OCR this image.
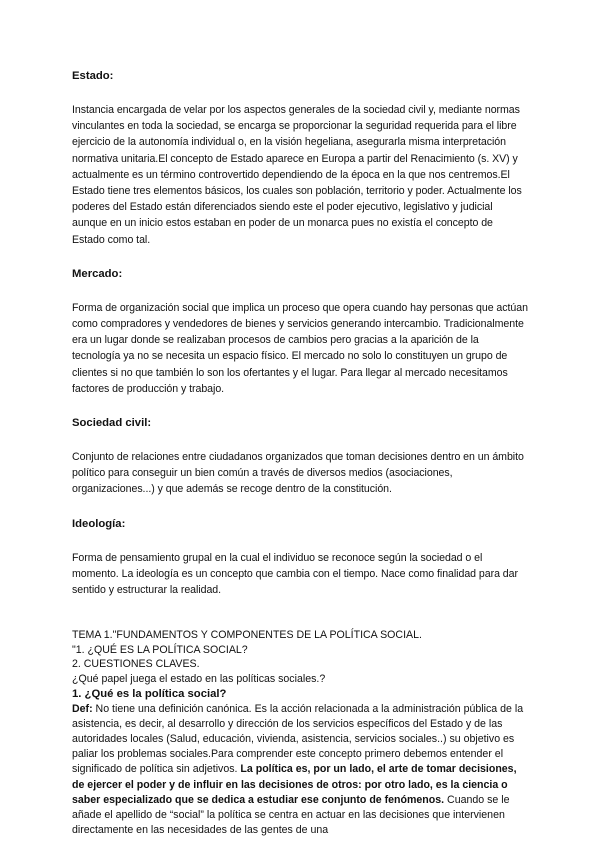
Estado:

Instancia encargada de velar por los aspectos generales de la sociedad civil y, mediante normas vinculantes en toda la sociedad, se encarga se proporcionar la seguridad requerida para el libre ejercicio de la autonomía individual o, en la visión hegeliana, asegurarla misma interpretación normativa unitaria.El concepto de Estado aparece en Europa a partir del Renacimiento (s. XV) y actualmente es un término controvertido dependiendo de la época en la que nos centremos.El Estado tiene tres elementos básicos, los cuales son población, territorio y poder. Actualmente los poderes del Estado están diferenciados siendo este el poder ejecutivo, legislativo y judicial aunque en un inicio estos estaban en poder de un monarca pues no existía el concepto de Estado como tal.

Mercado:

Forma de organización social que implica un proceso que opera cuando hay personas que actúan como compradores y vendedores de bienes y servicios generando intercambio. Tradicionalmente era un lugar donde se realizaban procesos de cambios pero gracias a la aparición de la tecnología ya no se necesita un espacio físico. El mercado no solo lo constituyen un grupo de clientes si no que también lo son los ofertantes y el lugar. Para llegar al mercado necesitamos factores de producción y trabajo.

Sociedad civil:

Conjunto de relaciones entre ciudadanos organizados que toman decisiones dentro en un ámbito político para conseguir un bien común a través de diversos medios (asociaciones, organizaciones...) y que además se recoge dentro de la constitución.

Ideología:

Forma de pensamiento grupal en la cual el individuo se reconoce según la sociedad o el momento. La ideología es un concepto que cambia con el tiempo. Nace como finalidad para dar sentido y estructurar la realidad.

TEMA 1."FUNDAMENTOS Y COMPONENTES DE LA POLÍTICA SOCIAL.

"1. ¿QUÉ ES LA POLÍTICA SOCIAL?

2. CUESTIONES CLAVES.

¿Qué papel juega el estado en las políticas sociales.?

1. ¿Qué es la política social?

Def: No tiene una definición canónica. Es la acción relacionada a la administración pública de la asistencia, es decir, al desarrollo y dirección de los servicios específicos del Estado y de las autoridades locales (Salud, educación, vivienda, asistencia, servicios sociales..) su objetivo es paliar los problemas sociales.Para comprender este concepto primero debemos entender el significado de política sin adjetivos. La política es, por un lado, el arte de tomar decisiones, de ejercer el poder y de influir en las decisiones de otros: por otro lado, es la ciencia o saber especializado que se dedica a estudiar ese conjunto de fenómenos. Cuando se le añade el apellido de “social” la política se centra en actuar en las decisiones que intervienen directamente en las necesidades de las gentes de una
